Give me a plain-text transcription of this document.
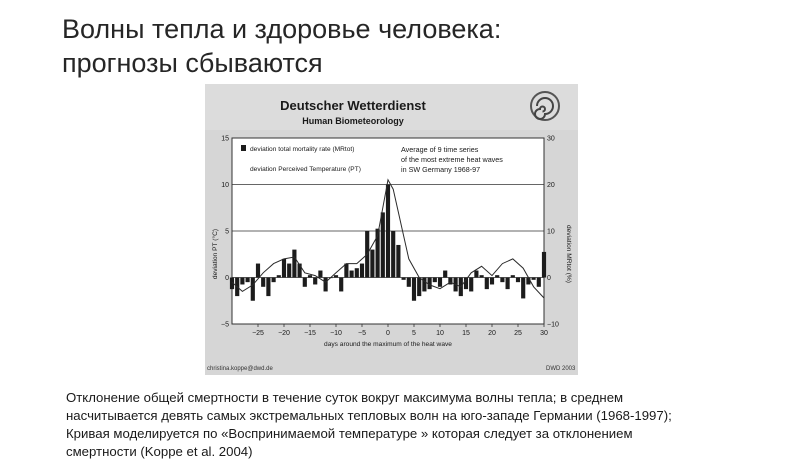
Волны тепла и здоровье человека:
прогнозы сбываются
Deutscher Wetterdienst
Human Biometeorology
−25 −20 −15 −10 −5	0	5	10	15	20	25	30
−5
0
5
10
15
−10
0
10
20
30
deviation total mortality rate (MRtot)
deviation Perceived Temperature (PT)
Average of 9 time series
of the most extreme heat waves
in SW Germany 1968-97
deviation PT (°C)	deviation MRtot (%)
days around the maximum of the heat wave
christina.koppe@dwd.de	DWD 2003
Отклонение общей смертности в течение суток вокруг максимума волны тепла; в среднем
насчитывается девять самых экстремальных тепловых волн на юго-западе Германии (1968-1997);
Кривая моделируется по «Воспринимаемой температуре » которая следует за отклонением
смертности (Koppe et al. 2004)
